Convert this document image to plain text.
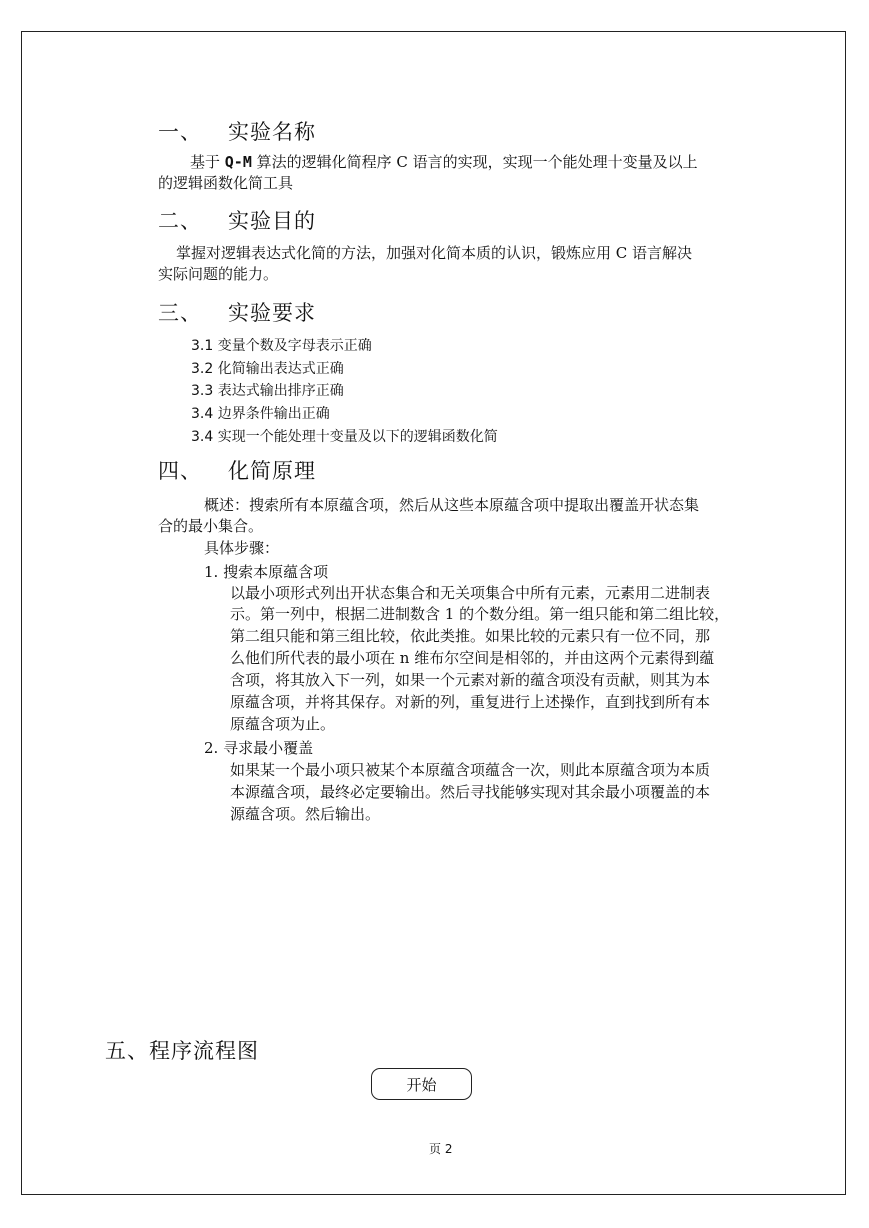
一、 实验名称
基于 Q-M 算法的逻辑化简程序 C 语言的实现，实现一个能处理十变量及以上
的逻辑函数化简工具
二、 实验目的
掌握对逻辑表达式化简的方法，加强对化简本质的认识，锻炼应用 C 语言解决
实际问题的能力。
三、 实验要求
3.1 变量个数及字母表示正确
3.2 化简输出表达式正确
3.3 表达式输出排序正确
3.4 边界条件输出正确
3.4 实现一个能处理十变量及以下的逻辑函数化简
四、 化简原理
概述：搜索所有本原蕴含项，然后从这些本原蕴含项中提取出覆盖开状态集
合的最小集合。
具体步骤：
1. 搜索本原蕴含项
以最小项形式列出开状态集合和无关项集合中所有元素，元素用二进制表
示。第一列中，根据二进制数含 1 的个数分组。第一组只能和第二组比较，
第二组只能和第三组比较，依此类推。如果比较的元素只有一位不同，那
么他们所代表的最小项在 n 维布尔空间是相邻的，并由这两个元素得到蕴
含项，将其放入下一列，如果一个元素对新的蕴含项没有贡献，则其为本
原蕴含项，并将其保存。对新的列，重复进行上述操作，直到找到所有本
原蕴含项为止。
2. 寻求最小覆盖
如果某一个最小项只被某个本原蕴含项蕴含一次，则此本原蕴含项为本质
本源蕴含项，最终必定要输出。然后寻找能够实现对其余最小项覆盖的本
源蕴含项。然后输出。
五、程序流程图
开始
页 2
